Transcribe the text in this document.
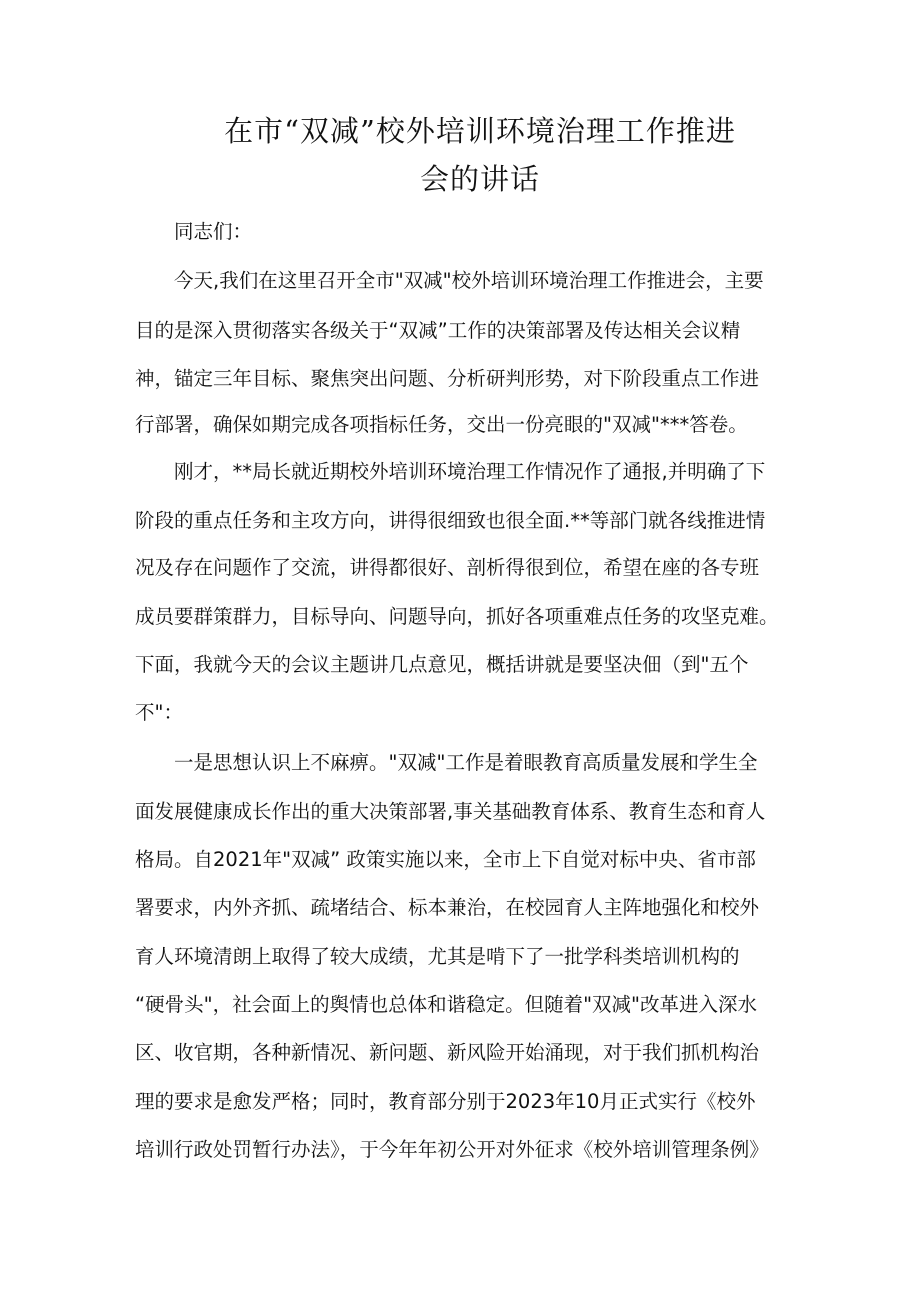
在市“双减”校外培训环境治理工作推进
会的讲话

同志们：

今天,我们在这里召开全市"双减"校外培训环境治理工作推进会，主要

目的是深入贯彻落实各级关于“双减”工作的决策部署及传达相关会议精

神，锚定三年目标、聚焦突出问题、分析研判形势，对下阶段重点工作进

行部署，确保如期完成各项指标任务，交出一份亮眼的"双减"***答卷。

刚才，**局长就近期校外培训环境治理工作情况作了通报,并明确了下

阶段的重点任务和主攻方向，讲得很细致也很全面.**等部门就各线推进情

况及存在问题作了交流，讲得都很好、剖析得很到位，希望在座的各专班

成员要群策群力，目标导向、问题导向，抓好各项重难点任务的攻坚克难。

下面，我就今天的会议主题讲几点意见，概括讲就是要坚决佃（到"五个

不"：

一是思想认识上不麻痹。"双减"工作是着眼教育高质量发展和学生全

面发展健康成长作出的重大决策部署,事关基础教育体系、教育生态和育人

格局。自2021年"双减” 政策实施以来，全市上下自觉对标中央、省市部

署要求，内外齐抓、疏堵结合、标本兼治，在校园育人主阵地强化和校外

育人环境清朗上取得了较大成绩，尤其是啃下了一批学科类培训机构的

“硬骨头"，社会面上的舆情也总体和谐稳定。但随着"双减"改革进入深水

区、收官期，各种新情况、新问题、新风险开始涌现，对于我们抓机构治

理的要求是愈发严格；同时，教育部分别于2023年10月正式实行《校外

培训行政处罚暂行办法》，于今年年初公开对外征求《校外培训管理条例》
